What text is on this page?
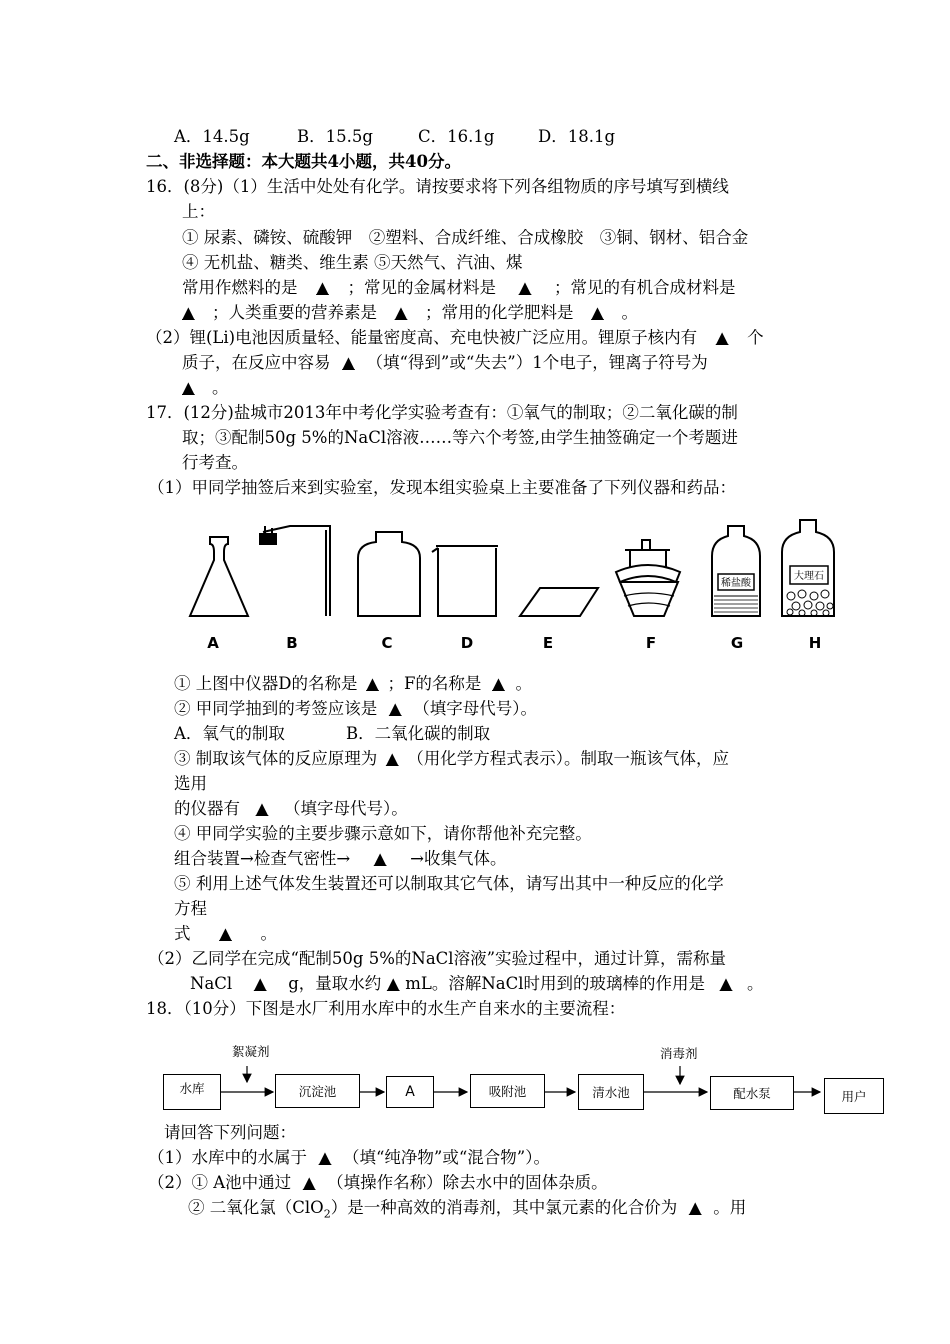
A．14.5g	B．15.5g	C．16.1g	D．18.1g
二、非选择题：本大题共4小题，共40分。
16．(8分)（1）生活中处处有化学。请按要求将下列各组物质的序号填写到横线
上：
① 尿素、磷铵、硫酸钾　②塑料、合成纤维、合成橡胶　③铜、钢材、铝合金
④ 无机盐、糖类、维生素 ⑤天然气、汽油、煤
常用作燃料的是 ▲ ；常见的金属材料是 ▲ ；常见的有机合成材料是
▲ ；人类重要的营养素是 ▲ ；常用的化学肥料是 ▲ 。
（2）锂(Li)电池因质量轻、能量密度高、充电快被广泛应用。锂原子核内有 ▲ 个
质子，在反应中容易 ▲ （填“得到”或“失去”）1个电子，锂离子符号为
▲ 。
17．(12分)盐城市2013年中考化学实验考查有：①氧气的制取；②二氧化碳的制
取；③配制50g 5%的NaCl溶液……等六个考签,由学生抽签确定一个考题进
行考查。
（1）甲同学抽签后来到实验室，发现本组实验桌上主要准备了下列仪器和药品：
稀盐酸
大理石
A	B	C	D	E	F	G	H
① 上图中仪器D的名称是 ▲ ；F的名称是 ▲ 。
② 甲同学抽到的考签应该是 ▲ （填字母代号）。
A．氧气的制取	B．二氧化碳的制取
③ 制取该气体的反应原理为 ▲ （用化学方程式表示）。制取一瓶该气体，应
选用
的仪器有 ▲ （填字母代号）。
④ 甲同学实验的主要步骤示意如下，请你帮他补充完整。
组合装置→检查气密性→ ▲ →收集气体。
⑤ 利用上述气体发生装置还可以制取其它气体，请写出其中一种反应的化学
方程
式 ▲ 。
（2）乙同学在完成“配制50g 5%的NaCl溶液”实验过程中，通过计算，需称量
NaCl ▲ g，量取水约 ▲ mL。溶解NaCl时用到的玻璃棒的作用是 ▲ 。
18．（10分）下图是水厂利用水库中的水生产自来水的主要流程：
絮凝剂	消毒剂
水库	沉淀池	A	吸附池	清水池	配水泵	用户
请回答下列问题：
（1）水库中的水属于 ▲ （填“纯净物”或“混合物”）。
（2）① A池中通过 ▲ （填操作名称）除去水中的固体杂质。
② 二氧化氯（ClO$_2$）是一种高效的消毒剂，其中氯元素的化合价为 ▲ 。用
